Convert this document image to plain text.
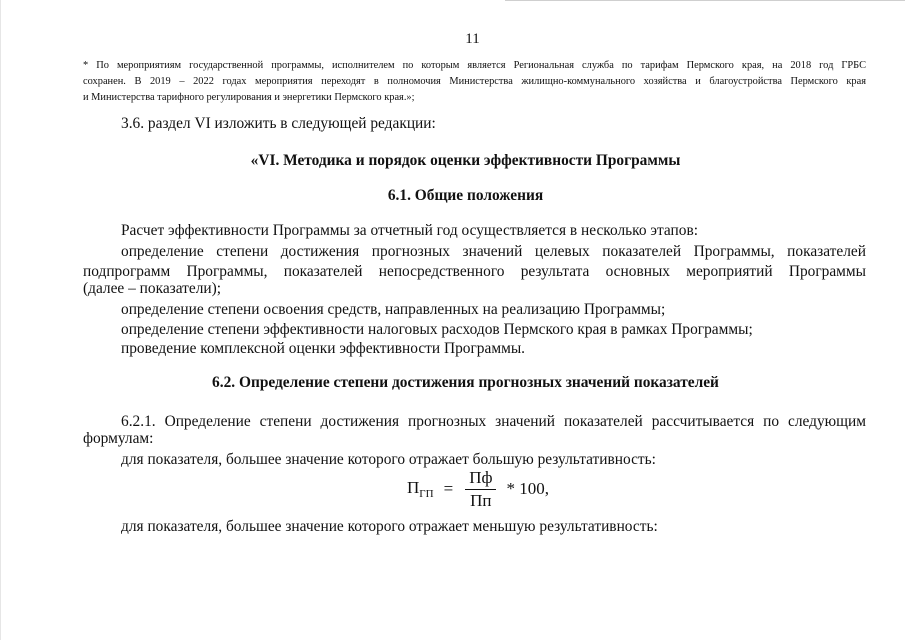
11
* По мероприятиям государственной программы, исполнителем по которым является Региональная служба по тарифам Пермского края, на 2018 год ГРБС
сохранен. В 2019 – 2022 годах мероприятия переходят в полномочия Министерства жилищно-коммунального хозяйства и благоустройства Пермского края
и Министерства тарифного регулирования и энергетики Пермского края.»;
3.6. раздел VI изложить в следующей редакции:
«VI. Методика и порядок оценки эффективности Программы
6.1. Общие положения
Расчет эффективности Программы за отчетный год осуществляется в несколько этапов:
определение степени достижения прогнозных значений целевых показателей Программы, показателей
подпрограмм Программы, показателей непосредственного результата основных мероприятий Программы
(далее – показатели);
определение степени освоения средств, направленных на реализацию Программы;
определение степени эффективности налоговых расходов Пермского края в рамках Программы;
проведение комплексной оценки эффективности Программы.
6.2. Определение степени достижения прогнозных значений показателей
6.2.1. Определение степени достижения прогнозных значений показателей рассчитывается по следующим
формулам:
для показателя, большее значение которого отражает большую результативность:
$П_{ГП} = \frac{Пф}{Пп} * 100$,
для показателя, большее значение которого отражает меньшую результативность:
